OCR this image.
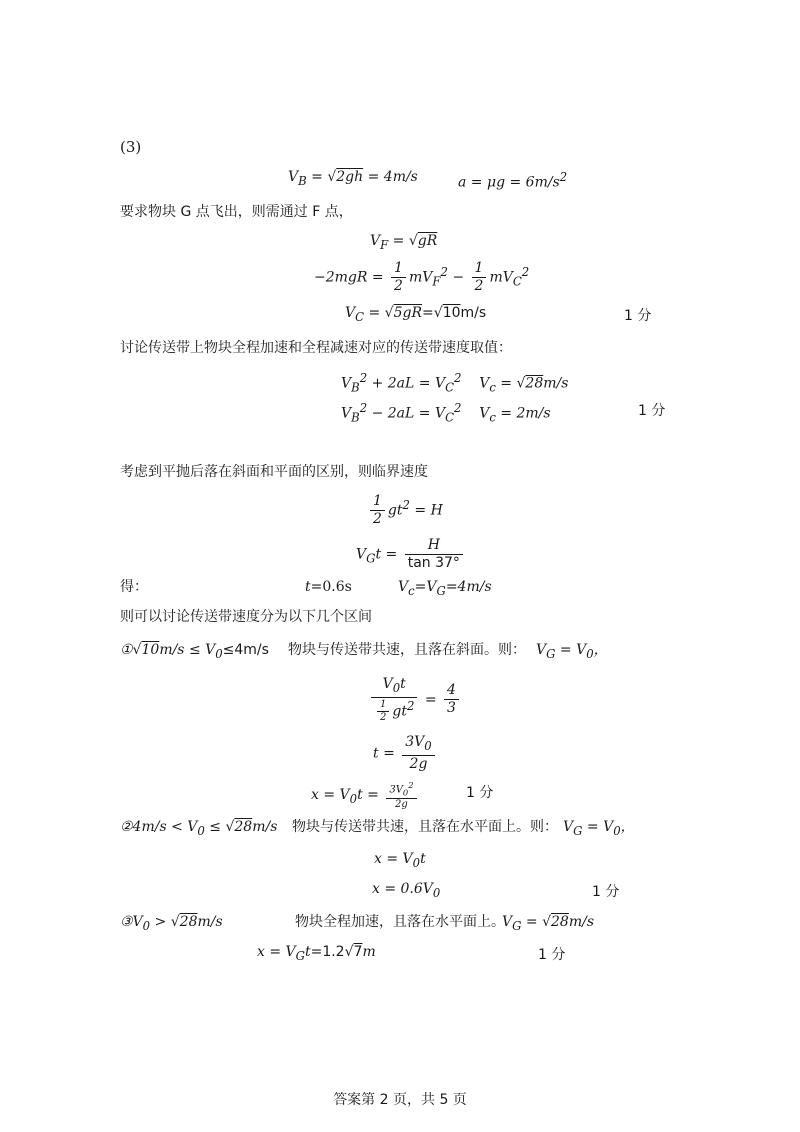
(3)
$V_B = √2gh = 4m/s$	$a = \mu g = 6m/s^2$
要求物块 G 点飞出，则需通过 F 点，
$V_F = √gR$
$-2mgR = \frac{1}{2} mV_F^2 - \frac{1}{2} mV_C^2$
$V_C = √5gR=√10m/s$	1 分
讨论传送带上物块全程加速和全程减速对应的传送带速度取值：
$V_B^2 + 2aL = V_C^2$    $V_c = √28m/s$
$V_B^2 - 2aL = V_C^2$    $V_c = 2m/s$	1 分
考虑到平抛后落在斜面和平面的区别，则临界速度
$\frac{1}{2} gt^2 = H$
$V_Gt = \frac{H}{\tan 37^\circ}$
得：	t=0.6s	$V_c=V_G=4m/s$
则可以讨论传送带速度分为以下几个区间
①√10m/s ≤ $V_0\le 4m/s$ 物块与传送带共速，且落在斜面。则： $V_G = V_0$，
$\frac{V_0t}{\frac{1}{2} gt^2} = \frac{4}{3}$
$t = \frac{3V_0}{2g}$
$x = V_0t = \frac{3V_0^2}{2g}$	1 分
②4m/s < $V_0 \le √28m/s$ 物块与传送带共速，且落在水平面上。则： $V_G = V_0$，
$x = V_0t$
$x = 0.6V_0$	1 分
$③V_0 > √28m/s$	物块全程加速，且落在水平面上。
$V_G = √28m/s$
$x = V_Gt=1.2√7m$	1 分
答案第 2 页，共 5 页
